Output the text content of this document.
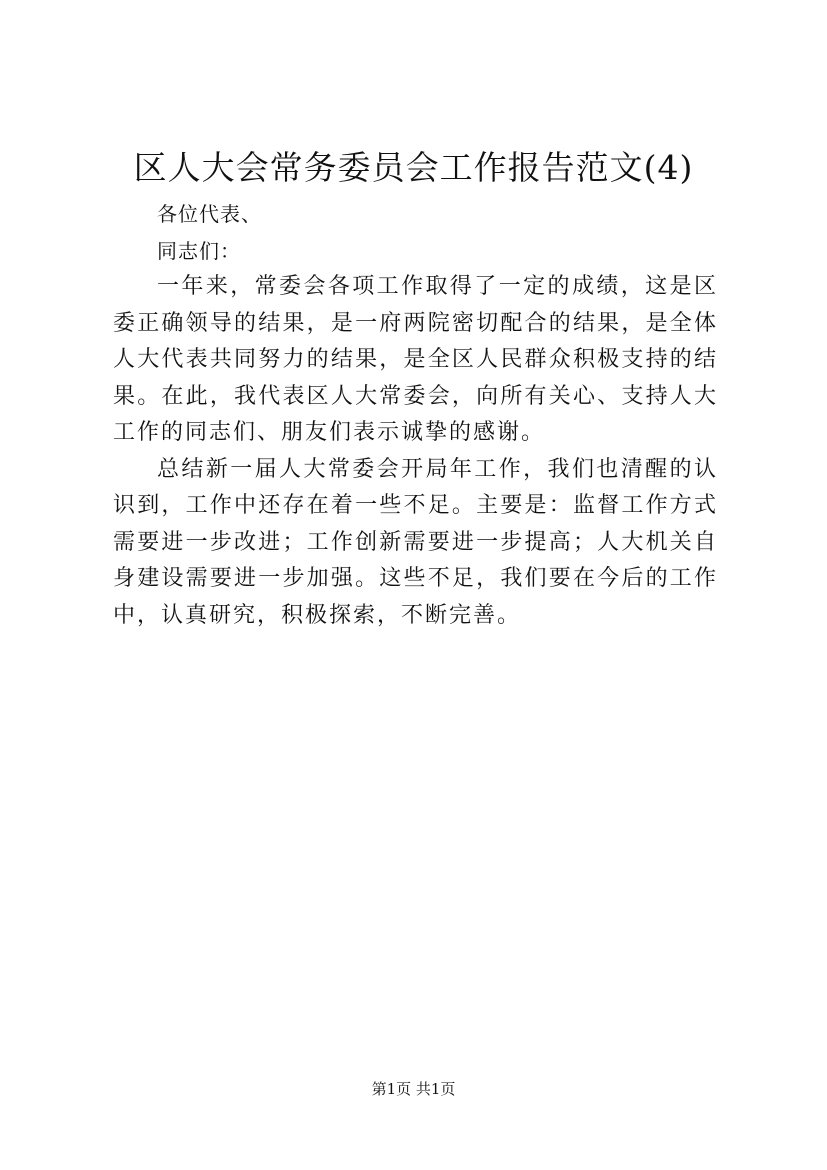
区人大会常务委员会工作报告范文(4)

各位代表、

同志们：

一年来，常委会各项工作取得了一定的成绩，这是区委正确领导的结果，是一府两院密切配合的结果，是全体人大代表共同努力的结果，是全区人民群众积极支持的结果。在此，我代表区人大常委会，向所有关心、支持人大工作的同志们、朋友们表示诚挚的感谢。

总结新一届人大常委会开局年工作，我们也清醒的认识到，工作中还存在着一些不足。主要是：监督工作方式需要进一步改进；工作创新需要进一步提高；人大机关自身建设需要进一步加强。这些不足，我们要在今后的工作中，认真研究，积极探索，不断完善。

第1页 共1页
